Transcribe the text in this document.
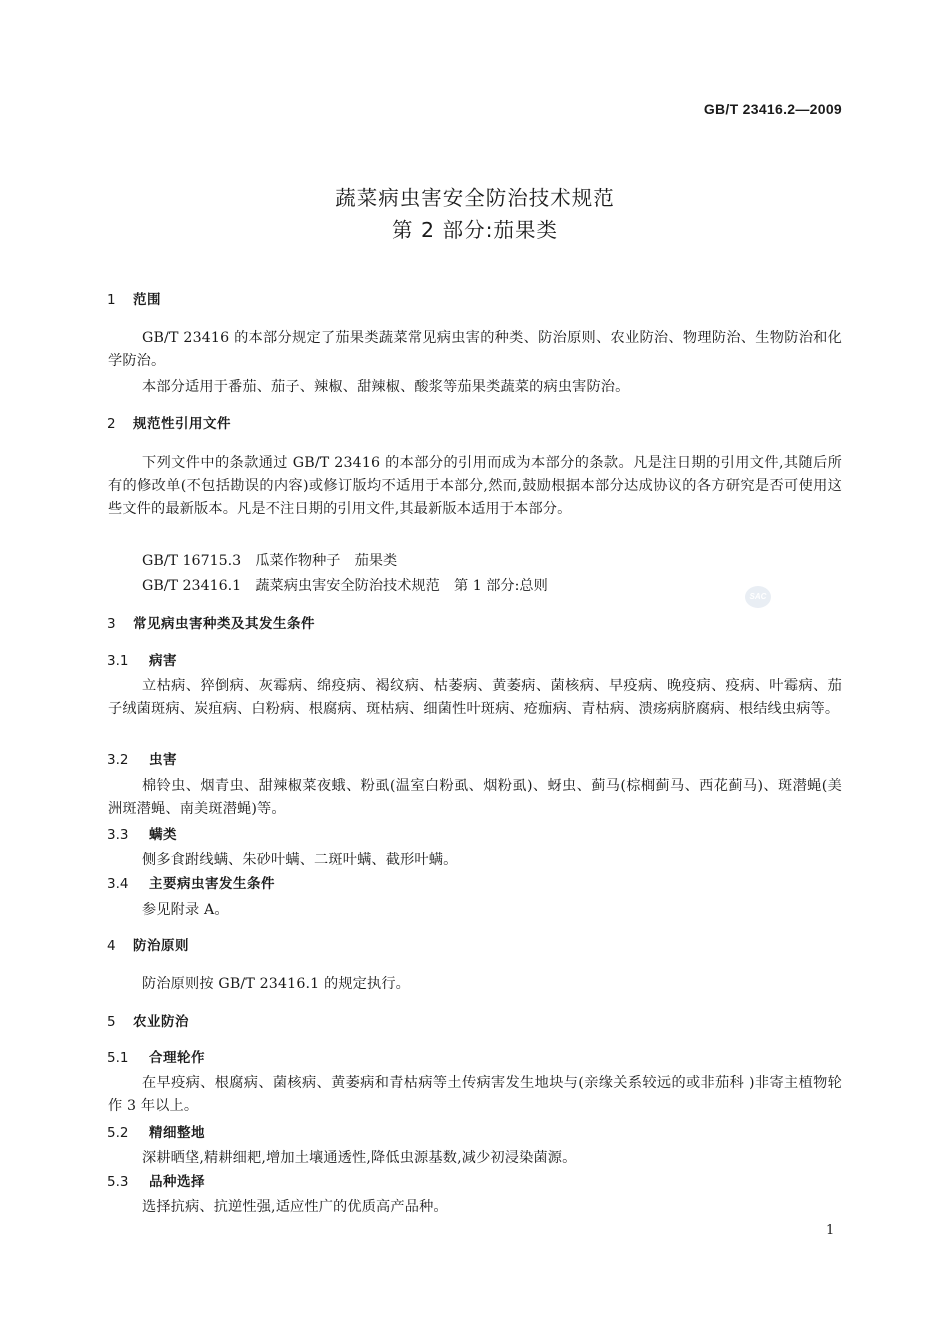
GB/T 23416.2—2009
蔬菜病虫害安全防治技术规范
第 2 部分:茄果类
1 范围
GB/T 23416 的本部分规定了茄果类蔬菜常见病虫害的种类、防治原则、农业防治、物理防治、生物防治和化学防治。
本部分适用于番茄、茄子、辣椒、甜辣椒、酸浆等茄果类蔬菜的病虫害防治。
2 规范性引用文件
下列文件中的条款通过 GB/T 23416 的本部分的引用而成为本部分的条款。凡是注日期的引用文件,其随后所有的修改单(不包括勘误的内容)或修订版均不适用于本部分,然而,鼓励根据本部分达成协议的各方研究是否可使用这些文件的最新版本。凡是不注日期的引用文件,其最新版本适用于本部分。
GB/T 16715.3　瓜菜作物种子　茄果类
GB/T 23416.1　蔬菜病虫害安全防治技术规范　第 1 部分:总则
SAC
3 常见病虫害种类及其发生条件
3.1 病害
立枯病、猝倒病、灰霉病、绵疫病、褐纹病、枯萎病、黄萎病、菌核病、早疫病、晚疫病、疫病、叶霉病、茄子绒菌斑病、炭疽病、白粉病、根腐病、斑枯病、细菌性叶斑病、疮痂病、青枯病、溃疡病脐腐病、根结线虫病等。
3.2 虫害
棉铃虫、烟青虫、甜辣椒菜夜蛾、粉虱(温室白粉虱、烟粉虱)、蚜虫、蓟马(棕榈蓟马、西花蓟马)、斑潜蝇(美洲斑潜蝇、南美斑潜蝇)等。
3.3 螨类
侧多食跗线螨、朱砂叶螨、二斑叶螨、截形叶螨。
3.4 主要病虫害发生条件
参见附录 A。
4 防治原则
防治原则按 GB/T 23416.1 的规定执行。
5 农业防治
5.1 合理轮作
在早疫病、根腐病、菌核病、黄萎病和青枯病等土传病害发生地块与(亲缘关系较远的或非茄科 )非寄主植物轮作 3 年以上。
5.2 精细整地
深耕晒垡,精耕细耙,增加土壤通透性,降低虫源基数,减少初浸染菌源。
5.3 品种选择
选择抗病、抗逆性强,适应性广的优质高产品种。
1
